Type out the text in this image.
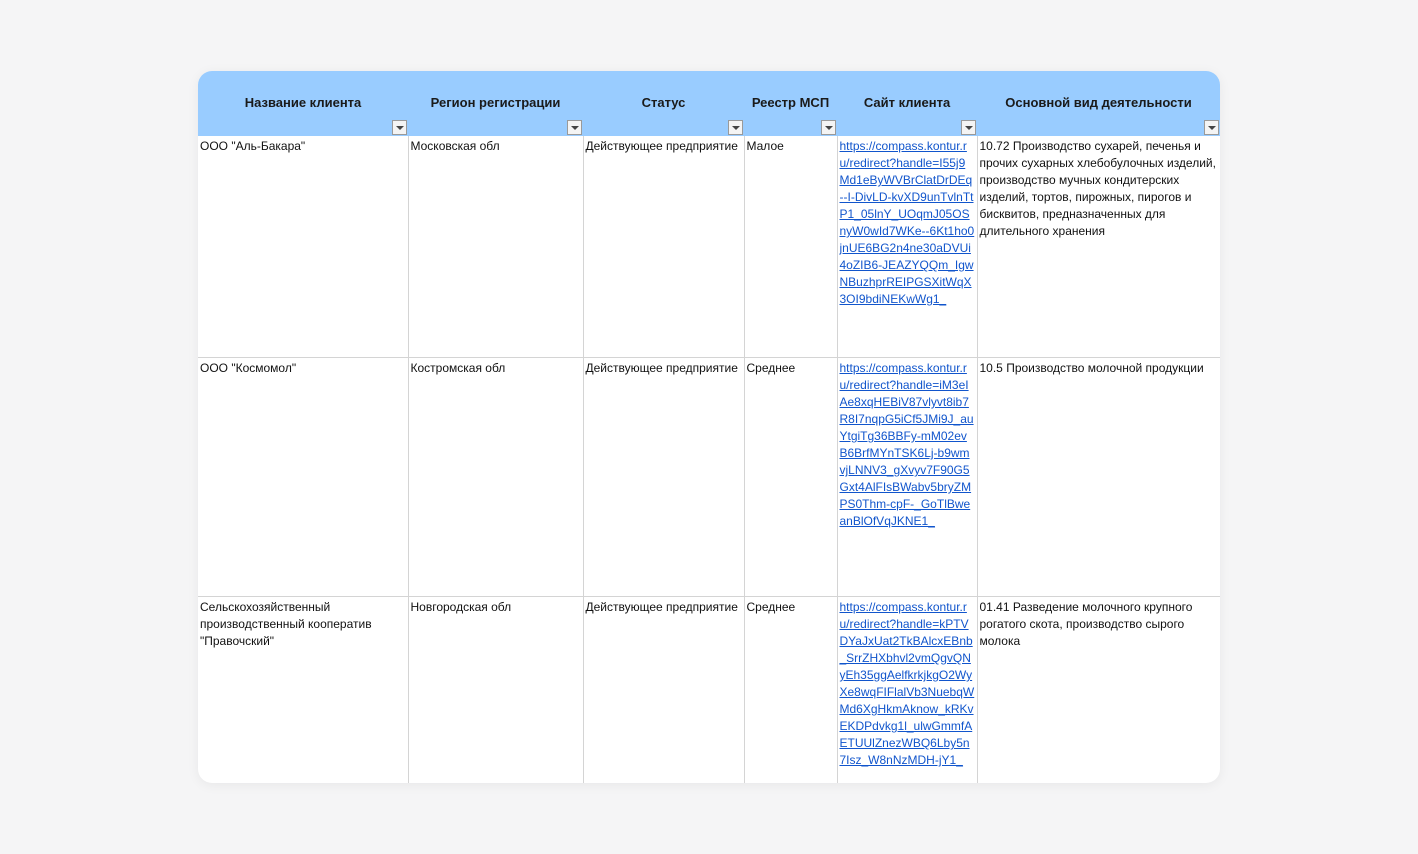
Название клиента	Регион регистрации	Статус	Реестр МСП	Сайт клиента	Основной вид деятельности

ООО "Аль-Бакара"	Московская обл	Действующее предприятие	Малое	https://compass.kontur.ru/redirect?handle=I55j9Md1eByWVBrClatDrDEq--I-DivLD-kvXD9unTvlnTtP1_05lnY_UOqmJ05OSnyW0wId7WKe--6Kt1ho0jnUE6BG2n4ne30aDVUi4oZIB6-JEAZYQQm_IgwNBuzhprREIPGSXitWqX3OI9bdiNEKwWg1_	10.72 Производство сухарей, печенья и прочих сухарных хлебобулочных изделий, производство мучных кондитерских изделий, тортов, пирожных, пирогов и бисквитов, предназначенных для длительного хранения
ООО "Космомол"	Костромская обл	Действующее предприятие	Среднее	https://compass.kontur.ru/redirect?handle=iM3eIAe8xqHEBiV87vlyvt8ib7R8I7nqpG5iCf5JMi9J_auYtgiTg36BBFy-mM02evB6BrfMYnTSK6Lj-b9wmvjLNNV3_gXvyv7F90G5Gxt4AlFIsBWabv5bryZMPS0Thm-cpF-_GoTlBweanBlOfVqJKNE1_	10.5 Производство молочной продукции
Сельскохозяйственный производственный кооператив "Правочский"	Новгородская обл	Действующее предприятие	Среднее	https://compass.kontur.ru/redirect?handle=kPTVDYaJxUat2TkBAlcxEBnb_SrrZHXbhvl2vmQgvQNyEh35ggAelfkrkjkgO2WyXe8wqFIFlalVb3NuebqWMd6XgHkmAknow_kRKvEKDPdvkg1l_ulwGmmfAETUUlZnezWBQ6Lby5n7Isz_W8nNzMDH-jY1_	01.41 Разведение молочного крупного рогатого скота, производство сырого молока
